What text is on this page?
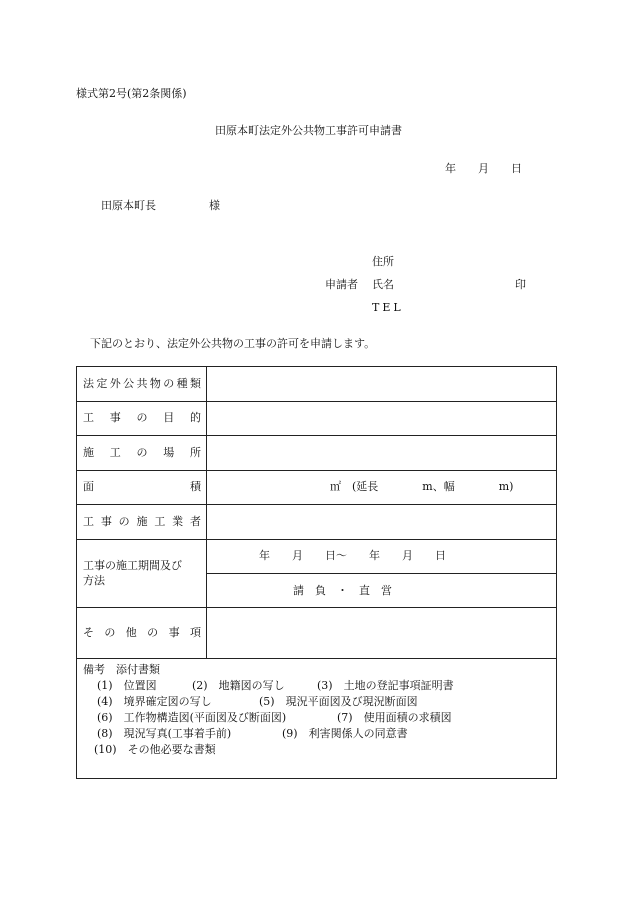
様式第2号(第2条関係)
田原本町法定外公共物工事許可申請書
年　　月　　日
田原本町長	様
住所
申請者 氏名	印
TEL
下記のとおり、法定外公共物の工事の許可を申請します。
法 定 外 公 共 物 の 種 類
工 事 の 目 的
施 工 の 場 所
面	積	㎡　(延長　　　　m、幅　　　　m)
工 事 の 施 工 業 者
工事の施工期間及び
方法
年　　月　　日〜　　年　　月　　日
請　負　・　直　営
そ の 他 の 事 項
備考　添付書類
(1)　位置図	(2)　地籍図の写し	(3)　土地の登記事項証明書
(4)　境界確定図の写し	(5)　現況平面図及び現況断面図
(6)　工作物構造図(平面図及び断面図)	(7)　使用面積の求積図
(8)　現況写真(工事着手前)	(9)　利害関係人の同意書
(10)　その他必要な書類
